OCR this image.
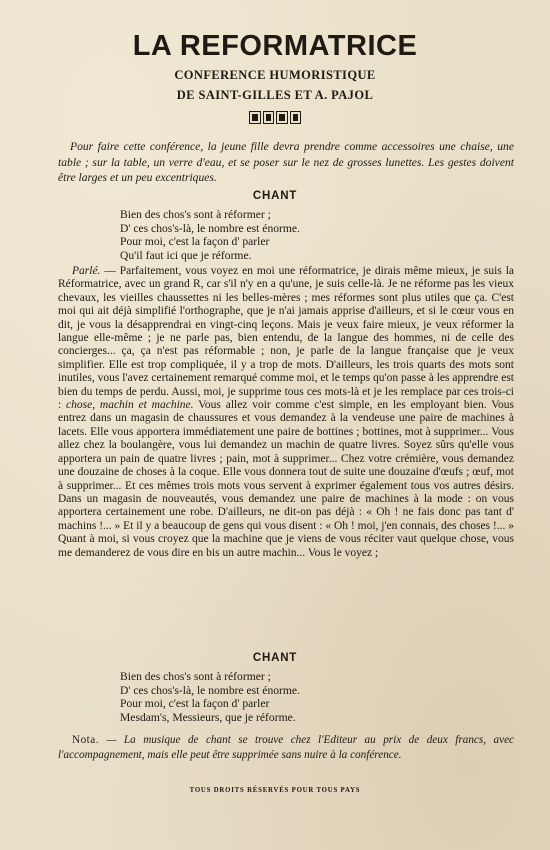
LA REFORMATRICE
CONFERENCE HUMORISTIQUE
DE SAINT-GILLES ET A. PAJOL
Pour faire cette conférence, la jeune fille devra prendre comme accessoires une chaise, une table ; sur la table, un verre d'eau, et se poser sur le nez de grosses lunettes. Les gestes doivent être larges et un peu excentriques.
CHANT
Bien des chos's sont à réformer ;
D' ces chos's-là, le nombre est énorme.
Pour moi, c'est la façon d' parler
Qu'il faut ici que je réforme.
Parlé. — Parfaitement, vous voyez en moi une réformatrice, je dirais même mieux, je suis la Réformatrice, avec un grand R, car s'il n'y en a qu'une, je suis celle-là. Je ne réforme pas les vieux chevaux, les vieilles chaussettes ni les belles-mères ; mes réformes sont plus utiles que ça. C'est moi qui ait déjà simplifié l'orthographe, que je n'ai jamais apprise d'ailleurs, et si le cœur vous en dit, je vous la désapprendrai en vingt-cinq leçons. Mais je veux faire mieux, je veux réformer la langue elle-même ; je ne parle pas, bien entendu, de la langue des hommes, ni de celle des concierges... ça, ça n'est pas réformable ; non, je parle de la langue française que je veux simplifier. Elle est trop compliquée, il y a trop de mots. D'ailleurs, les trois quarts des mots sont inutiles, vous l'avez certainement remarqué comme moi, et le temps qu'on passe à les apprendre est bien du temps de perdu. Aussi, moi, je supprime tous ces mots-là et je les remplace par ces trois-ci : chose, machin et machine. Vous allez voir comme c'est simple, en les employant bien. Vous entrez dans un magasin de chaussures et vous demandez à la vendeuse une paire de machines à lacets. Elle vous apportera immédiatement une paire de bottines ; bottines, mot à supprimer... Vous allez chez la boulangère, vous lui demandez un machin de quatre livres. Soyez sûrs qu'elle vous apportera un pain de quatre livres ; pain, mot à supprimer... Chez votre crémière, vous demandez une douzaine de choses à la coque. Elle vous donnera tout de suite une douzaine d'œufs ; œuf, mot à supprimer... Et ces mêmes trois mots vous servent à exprimer également tous vos autres désirs. Dans un magasin de nouveautés, vous demandez une paire de machines à la mode : on vous apportera certainement une robe. D'ailleurs, ne dit-on pas déjà : « Oh ! ne fais donc pas tant d' machins !... » Et il y a beaucoup de gens qui vous disent : « Oh ! moi, j'en connais, des choses !... » Quant à moi, si vous croyez que la machine que je viens de vous réciter vaut quelque chose, vous me demanderez de vous dire en bis un autre machin... Vous le voyez ;
CHANT
Bien des chos's sont à réformer ;
D' ces chos's-là, le nombre est énorme.
Pour moi, c'est la façon d' parler
Mesdam's, Messieurs, que je réforme.
Nota. — La musique de chant se trouve chez l'Editeur au prix de deux francs, avec l'accompagnement, mais elle peut être supprimée sans nuire à la conférence.
TOUS DROITS RÉSERVÉS POUR TOUS PAYS
